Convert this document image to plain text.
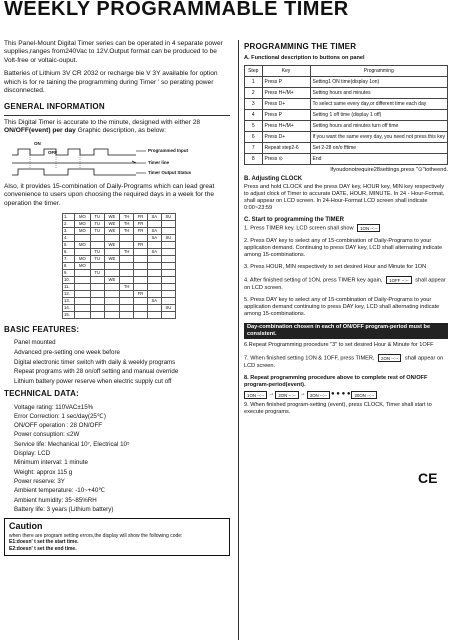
WEEKLY PROGRAMMABLE TIMER
This Panel-Mount Digital Timer series can be operated in 4 separate power supplies,ranges from240Vac to 12V.Output format can be produced to be Volt-free or voltaic-ouput.
Batteries of Lithium 3V CR 2032 or recharge bie V 3Y available for option which is for re taining the programming during Timer ' so perating power disconnected.
GENERAL INFORMATION
This Digital Timer is accurate to the minute, designed with either 28 ON/OFF(event) per day Graphic description, as below:
ON
OFF	Programmed Input
Timer line
Timer Output Status
Also, it provides 15-combination of Daily-Programs which can lead great convenience to users upon choosing the required days in a week for the operation the timer.
1.	MO	TU	WE	TH	FR	SA	SU
2.	MO	TU	WE	TH	FR		
3.	MO	TU	WE	TH	FR	SA	
4.						SA	SU
5.	MO		WE		FR		
6.		TU		TH		SA	
7.	MO	TU	WE				
8.	MO						
9.		TU					
10.			WE				
11.				TH			
12.					FR		
13.						SA	
14.							SU
15.							
BASIC FEATURES:
Panel mounted
Advanced pre-setting one week before
Digital electronic timer switch with daily & weekly programs
Repeat programs with 28 on/off setting and manual override
Lithium battery power reserve when electric supply cut off
TECHNICAL DATA:
Voltage rating: 110VAC±15%
Error Correction: 1 sec/day(25℃)
ON/OFF operation : 28 ON/OFF
Power consuption: ≤2W
Service life: Mechanical 10⁷, Electrical 10⁵
Display: LCD
Minimum interval: 1 minute
Weight: approx 115 g
Power reserve: 3Y
Ambient temperature: -10~+40℃
Ambient humidity: 35~85%RH
Battery life: 3 years (Lithium battery)
Caution
when there are program setting errors,the display will show the following code:
E1:doesn' t set the start time.
E2:doesn' t set the end time.
PROGRAMMING THE TIMER
A. Functional description to buttons on panel
Step	Key	Programming
1	Press P	Setting1 ON time(display 1on)
2	Press H+/M+	Setting hours and minutes
3	Press D+	To select same every day,or different time each day
4	Press P	Setting 1 off time (display 1 off)
5	Press H+/M+	Setting hours and minutes turn off time
6	Press D+	If you want the same every day, you need not press this key
7	Repeat step2-6	Set 2-28 on/o fftime
8	Press ⊙	End
Ifyoudonotrequire28settings,press "⊙"totheend.
B. Adjusting CLOCK
Press and hold CLOCK and the press DAY key, HOUR key, MIN key respectively to adjust clock of Timer to accurate DATE, HOUR, MINUTE. In 24 - Hour-Format, shall appear on LCD screen. In 24-Hour-Format LCD screen shall indicate 0:00~23:59
C. Start to programming the TIMER
1. Press TIMER key. LCD screen shall show 1ON --:--
2. Press DAY key to select any of 15-combination of Daily-Programs to your application demand. Continuing to press DAY key, LCD shall alternating indicate among 15-combinations.
3. Press HOUR, MIN respectively to set desired Hour and Minute for 1ON
4. After finished setting of 1ON, press TIMER key again, 1OFF --:-- shall appear on LCD screen.
5. Press DAY key to select any of 15-combination of Daily-Programs to your application demand continuing to press DAY key, LCD shall alternating indicate among 15-combinations.
Day-combination chosen in each of ON/OFF program-period must be consistent.
6.Repeat Programming procedure "3" to set desired Hour & Minute for 1OFF
7. When finished setting 1ON & 1OFF, press TIMER, 2ON --:-- shall appear on LCD screen.
8. Repeat programming procedure above to complete rest of ON/OFF program-period(event).
1ON --:-- → 2ON --:-- → 3ON --:-- ● ● ● ● 20ON --:--
9. When finished program-setting (event), press CLOCK, Timer shall start to execute programs.
CE
